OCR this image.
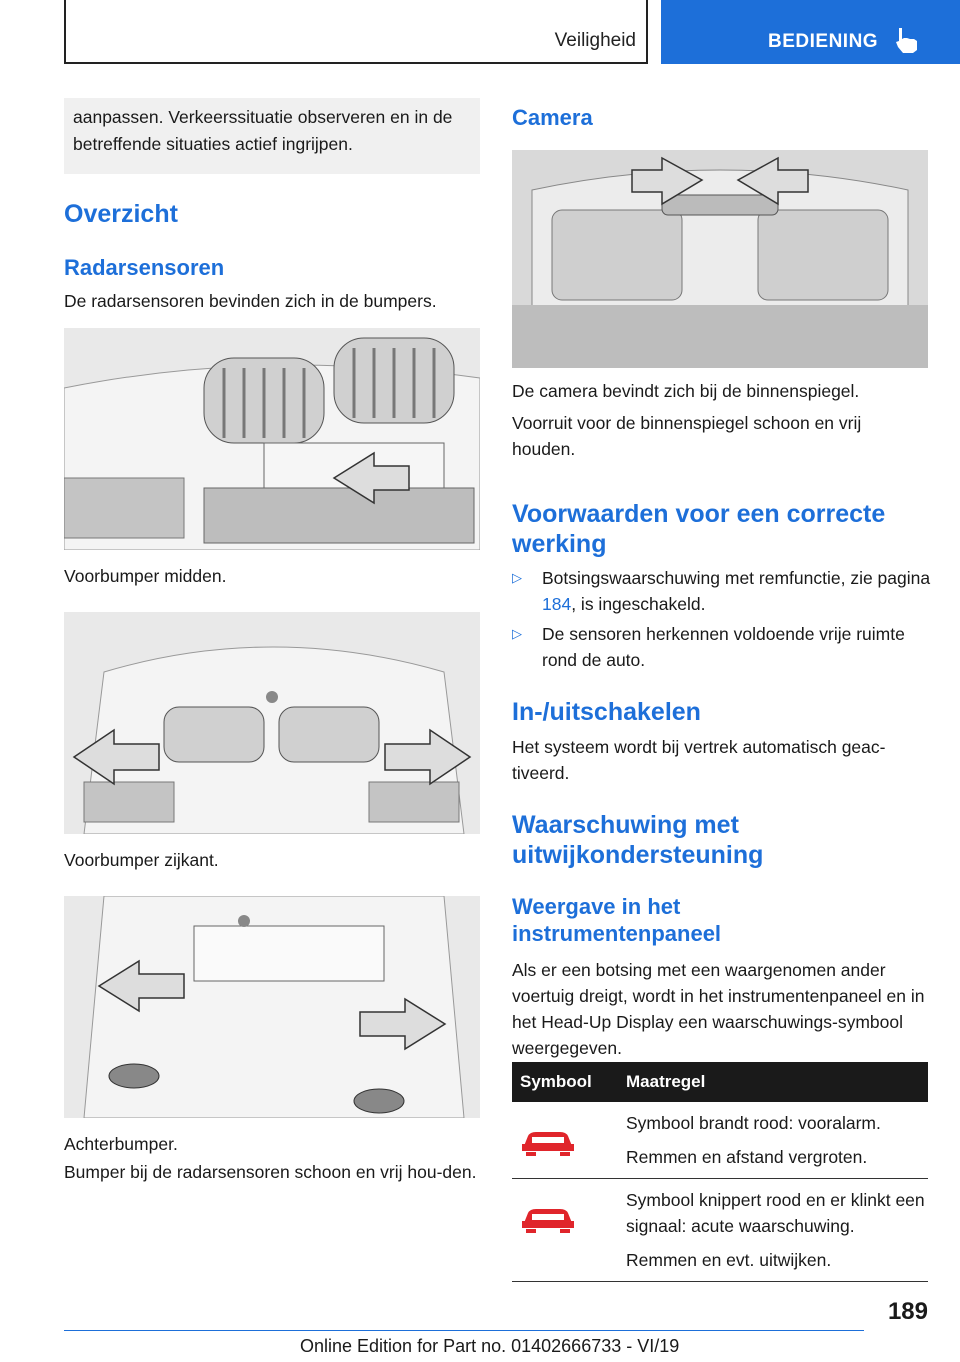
Veiligheid	BEDIENING
aanpassen. Verkeerssituatie observeren en in de betreffende situaties actief ingrijpen.
Overzicht
Radarsensoren

De radarsensoren bevinden zich in de bumpers.

Voorbumper midden.

Voorbumper zijkant.

Achterbumper.

Bumper bij de radarsensoren schoon en vrij hou-den.

Camera

De camera bevindt zich bij de binnenspiegel.

Voorruit voor de binnenspiegel schoon en vrij houden.

Voorwaarden voor een correcte werking
▷ Botsingswaarschuwing met remfunctie, zie pagina 184, is ingeschakeld.
▷ De sensoren herkennen voldoende vrije ruimte rond de auto.
In-/uitschakelen

Het systeem wordt bij vertrek automatisch geac-tiveerd.

Waarschuwing met uitwijkondersteuning
Weergave in het instrumentenpaneel

Als er een botsing met een waargenomen ander voertuig dreigt, wordt in het instrumentenpaneel en in het Head-Up Display een waarschuwings-symbool weergegeven.

Symbool	Maatregel

Symbool brandt rood: vooralarm.
Remmen en afstand vergroten.

Symbool knippert rood en er klinkt een signaal: acute waarschuwing.
Remmen en evt. uitwijken.
189
Online Edition for Part no. 01402666733 - VI/19
